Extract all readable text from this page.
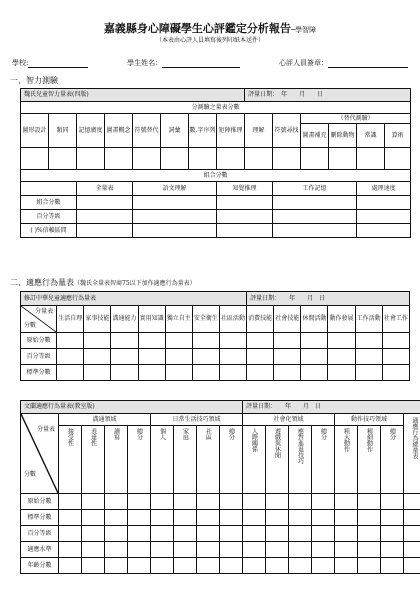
嘉義縣身心障礙學生心評鑑定分析報告─學智障
（本表由心評人員填寫後列印紙本送件）
學校:	學生姓名：	心評人員簽章：
一、智力測驗
魏氏兒童智力量表(四版)								評量日期：　年　　月　　日					
分測驗之量表分數													
圖形設計	類同	記憶廣度	圖畫概念	符號替代	詞彙	數.字序列	矩陣推理	理解	符號尋找	（替代測驗）			
										圖畫補充	刪除動物	常識	算術

組合分數													
		全量表		語文理解			知覺推理		工作記憶			處理速度	
組合分數													
百分等級													
( )%信賴區間													
二、適應行為量表（魏氏全量表智商75以下加作適應行為量表）
修訂中華兒童適應行為量表								評量日期：　　年　　月　日					

分量表
分數	生活自理	家事技能	溝通能力	實用知識	獨立自主	安全衛生	社區活動	消費技能	社會技能	休閒活動	動作發展	工作活動	社會工作
原始分數													
百分等級													
標準分數													
文蘭適應行為量表(教室版)									評量日期：　　年　　月　日							

分量表
分數	溝通領域				日常生活技巧領域				社會化領域				動作技巧領域			適應行為總量表

	接受性	表達性	讀寫	總分	個人	家庭	社區	總分	人際關係	遊戲與休閒	應對進退技巧	總分	粗大動作	精細動作	總分	

原始分數																
標準分數																
百分等級																
適應水準																
年齡分數																
